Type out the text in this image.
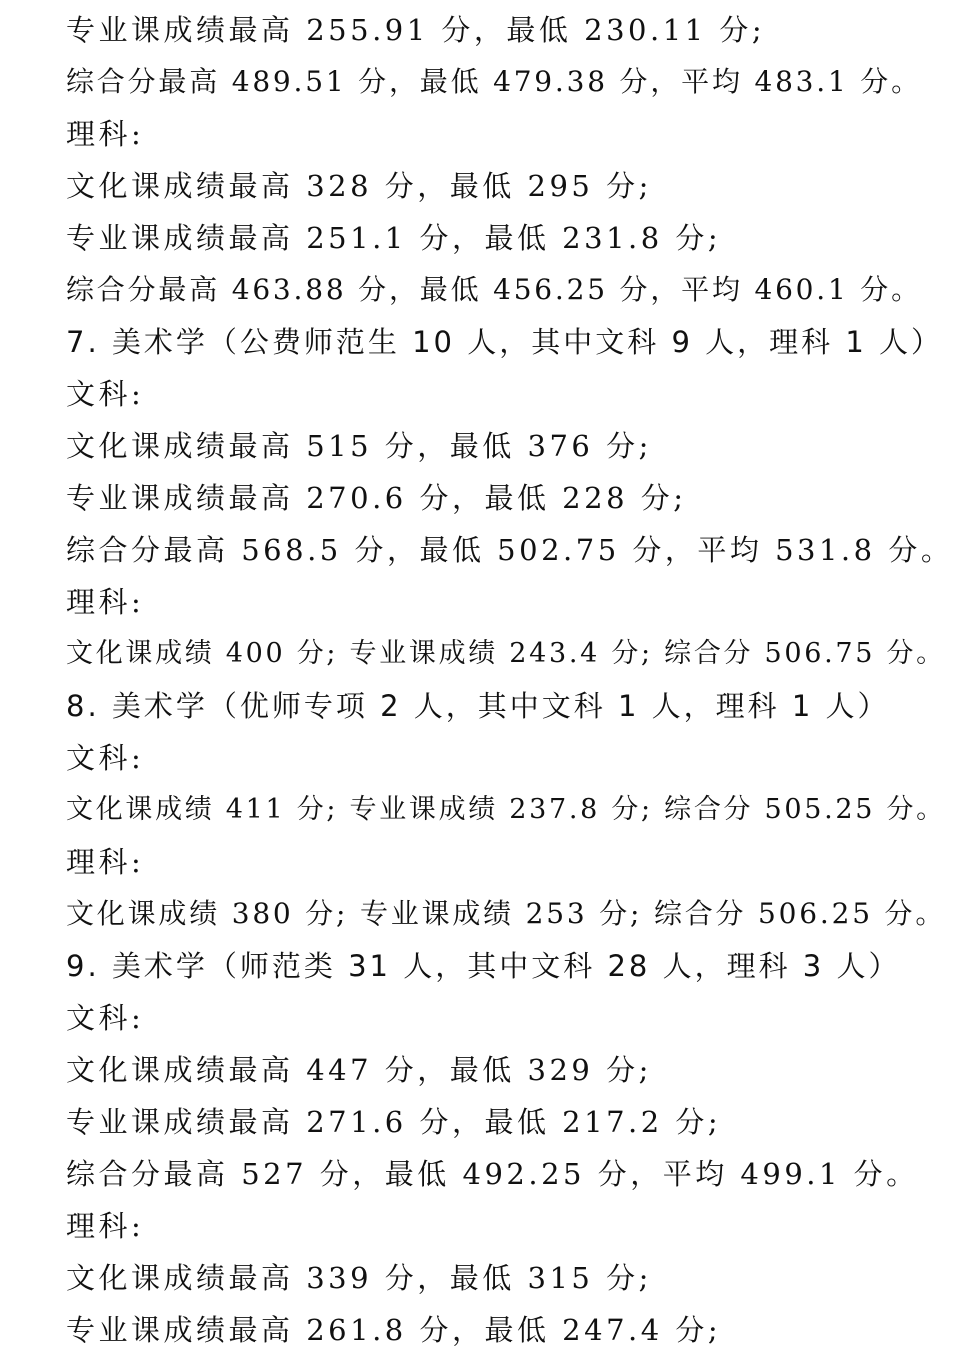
专业课成绩最高 255.91 分，最低 230.11 分;

综合分最高 489.51 分，最低 479.38 分，平均 483.1 分。

理科:

文化课成绩最高 328 分，最低 295 分;

专业课成绩最高 251.1 分，最低 231.8 分;

综合分最高 463.88 分，最低 456.25 分，平均 460.1 分。

7. 美术学（公费师范生 10 人，其中文科 9 人，理科 1 人）

文科:

文化课成绩最高 515 分，最低 376 分;

专业课成绩最高 270.6 分，最低 228 分;

综合分最高 568.5 分，最低 502.75 分，平均 531.8 分。

理科:

文化课成绩 400 分; 专业课成绩 243.4 分; 综合分 506.75 分。

8. 美术学（优师专项 2 人，其中文科 1 人，理科 1 人）

文科:

文化课成绩 411 分; 专业课成绩 237.8 分; 综合分 505.25 分。

理科:

文化课成绩 380 分; 专业课成绩 253 分; 综合分 506.25 分。

9. 美术学（师范类 31 人，其中文科 28 人，理科 3 人）

文科:

文化课成绩最高 447 分，最低 329 分;

专业课成绩最高 271.6 分，最低 217.2 分;

综合分最高 527 分，最低 492.25 分，平均 499.1 分。

理科:

文化课成绩最高 339 分，最低 315 分;

专业课成绩最高 261.8 分，最低 247.4 分;
